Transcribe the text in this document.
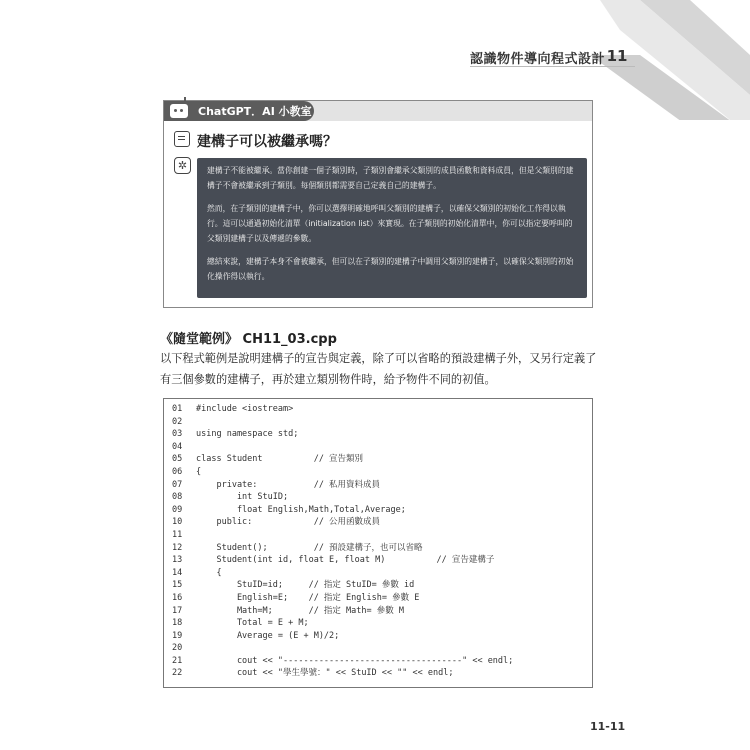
認識物件導向程式設計 11
ChatGPT．AI 小教室
建構子可以被繼承嗎？
✲	建構子不能被繼承。當你創建一個子類別時，子類別會繼承父類別的成員函數和資料成員，但是父類別的建構子不會被繼承到子類別。每個類別都需要自己定義自己的建構子。

然而，在子類別的建構子中，你可以選擇明確地呼叫父類別的建構子，以確保父類別的初始化工作得以執行。這可以通過初始化清單（initialization list）來實現。在子類別的初始化清單中，你可以指定要呼叫的父類別建構子以及傳遞的參數。

總結來說，建構子本身不會被繼承，但可以在子類別的建構子中調用父類別的建構子，以確保父類別的初始化操作得以執行。

《隨堂範例》 CH11_03.cpp
以下程式範例是說明建構子的宣告與定義，除了可以省略的預設建構子外，又另行定義了有三個參數的建構子，再於建立類別物件時，給予物件不同的初值。
01 #include <iostream>
02
03 using namespace std;
04
05 class Student          // 宣告類別
06 {
07 private:           // 私用資料成員
08 int StuID;
09 float English,Math,Total,Average;
10 public:            // 公用函數成員
11
12 Student();         // 預設建構子，也可以省略
13 Student(int id, float E, float M)          // 宣告建構子
14 {
15 StuID=id;     // 指定 StuID= 參數 id
16 English=E;    // 指定 English= 參數 E
17 Math=M;       // 指定 Math= 參數 M
18 Total = E + M;
19 Average = (E + M)/2;
20
21 cout << "-----------------------------------" << endl;
22 cout << "學生學號：" << StuID << "" << endl;
11-11
